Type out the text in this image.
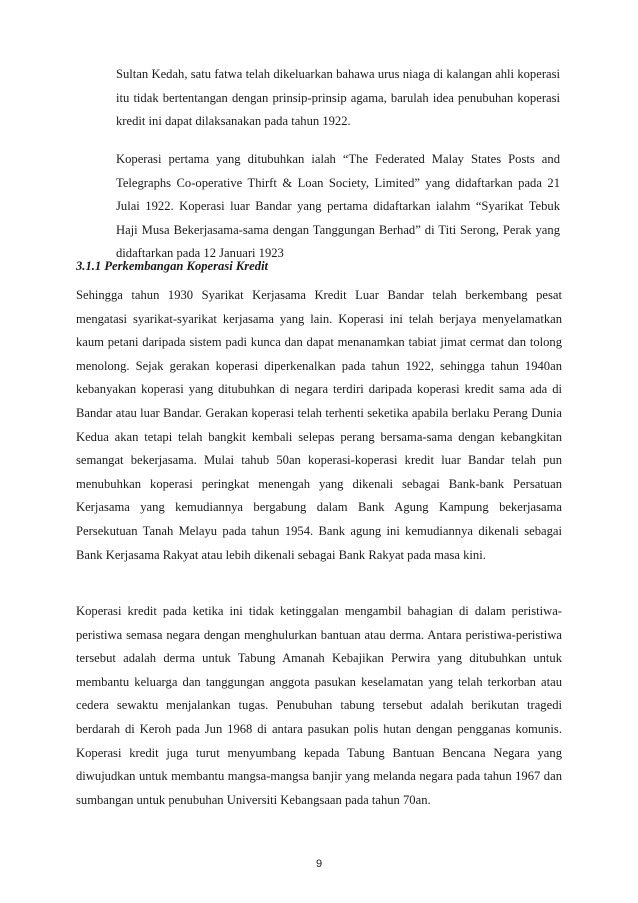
Sultan Kedah, satu fatwa telah dikeluarkan bahawa urus niaga di kalangan ahli koperasi itu tidak bertentangan dengan prinsip-prinsip agama, barulah idea penubuhan koperasi kredit ini dapat dilaksanakan pada tahun 1922.

Koperasi pertama yang ditubuhkan ialah “The Federated Malay States Posts and Telegraphs Co-operative Thirft & Loan Society, Limited” yang didaftarkan pada 21 Julai 1922. Koperasi luar Bandar yang pertama didaftarkan ialahm “Syarikat Tebuk Haji Musa Bekerjasama-sama dengan Tanggungan Berhad” di Titi Serong, Perak yang didaftarkan pada 12 Januari 1923

3.1.1 Perkembangan Koperasi Kredit

Sehingga tahun 1930 Syarikat Kerjasama Kredit Luar Bandar telah berkembang pesat mengatasi syarikat-syarikat kerjasama yang lain. Koperasi ini telah berjaya menyelamatkan kaum petani daripada sistem padi kunca dan dapat menanamkan tabiat jimat cermat dan tolong menolong. Sejak gerakan koperasi diperkenalkan pada tahun 1922, sehingga tahun 1940an kebanyakan koperasi yang ditubuhkan di negara terdiri daripada koperasi kredit sama ada di Bandar atau luar Bandar. Gerakan koperasi telah terhenti seketika apabila berlaku Perang Dunia Kedua akan tetapi telah bangkit kembali selepas perang bersama-sama dengan kebangkitan semangat bekerjasama. Mulai tahub 50an koperasi-koperasi kredit luar Bandar telah pun menubuhkan koperasi peringkat menengah yang dikenali sebagai Bank-bank Persatuan Kerjasama yang kemudiannya bergabung dalam Bank Agung Kampung bekerjasama Persekutuan Tanah Melayu pada tahun 1954. Bank agung ini kemudiannya dikenali sebagai Bank Kerjasama Rakyat atau lebih dikenali sebagai Bank Rakyat pada masa kini.

Koperasi kredit pada ketika ini tidak ketinggalan mengambil bahagian di dalam peristiwa-peristiwa semasa negara dengan menghulurkan bantuan atau derma. Antara peristiwa-peristiwa tersebut adalah derma untuk Tabung Amanah Kebajikan Perwira yang ditubuhkan untuk membantu keluarga dan tanggungan anggota pasukan keselamatan yang telah terkorban atau cedera sewaktu menjalankan tugas. Penubuhan tabung tersebut adalah berikutan tragedi berdarah di Keroh pada Jun 1968 di antara pasukan polis hutan dengan pengganas komunis. Koperasi kredit juga turut menyumbang kepada Tabung Bantuan Bencana Negara yang diwujudkan untuk membantu mangsa-mangsa banjir yang melanda negara pada tahun 1967 dan sumbangan untuk penubuhan Universiti Kebangsaan pada tahun 70an.

9
